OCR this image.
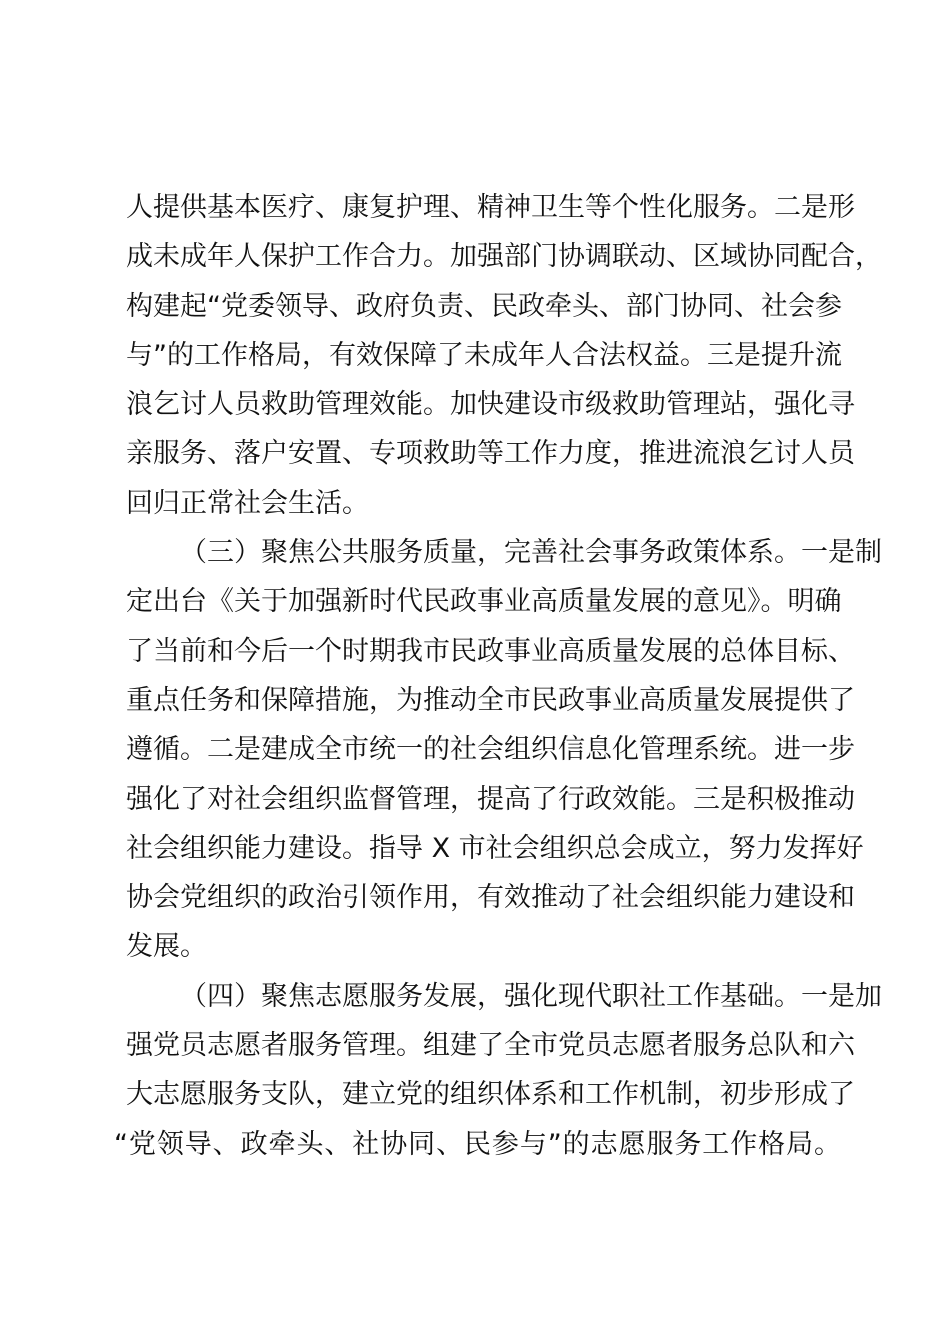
人提供基本医疗、康复护理、精神卫生等个性化服务。二是形
成未成年人保护工作合力。加强部门协调联动、区域协同配合，
构建起“党委领导、政府负责、民政牵头、部门协同、社会参
与”的工作格局，有效保障了未成年人合法权益。三是提升流
浪乞讨人员救助管理效能。加快建设市级救助管理站，强化寻
亲服务、落户安置、专项救助等工作力度，推进流浪乞讨人员
回归正常社会生活。
（三）聚焦公共服务质量，完善社会事务政策体系。一是制
定出台《关于加强新时代民政事业高质量发展的意见》。明确
了当前和今后一个时期我市民政事业高质量发展的总体目标、
重点任务和保障措施，为推动全市民政事业高质量发展提供了
遵循。二是建成全市统一的社会组织信息化管理系统。进一步
强化了对社会组织监督管理，提高了行政效能。三是积极推动
社会组织能力建设。指导 X 市社会组织总会成立，努力发挥好
协会党组织的政治引领作用，有效推动了社会组织能力建设和
发展。
（四）聚焦志愿服务发展，强化现代职社工作基础。一是加
强党员志愿者服务管理。组建了全市党员志愿者服务总队和六
大志愿服务支队，建立党的组织体系和工作机制，初步形成了
“党领导、政牵头、社协同、民参与”的志愿服务工作格局。
